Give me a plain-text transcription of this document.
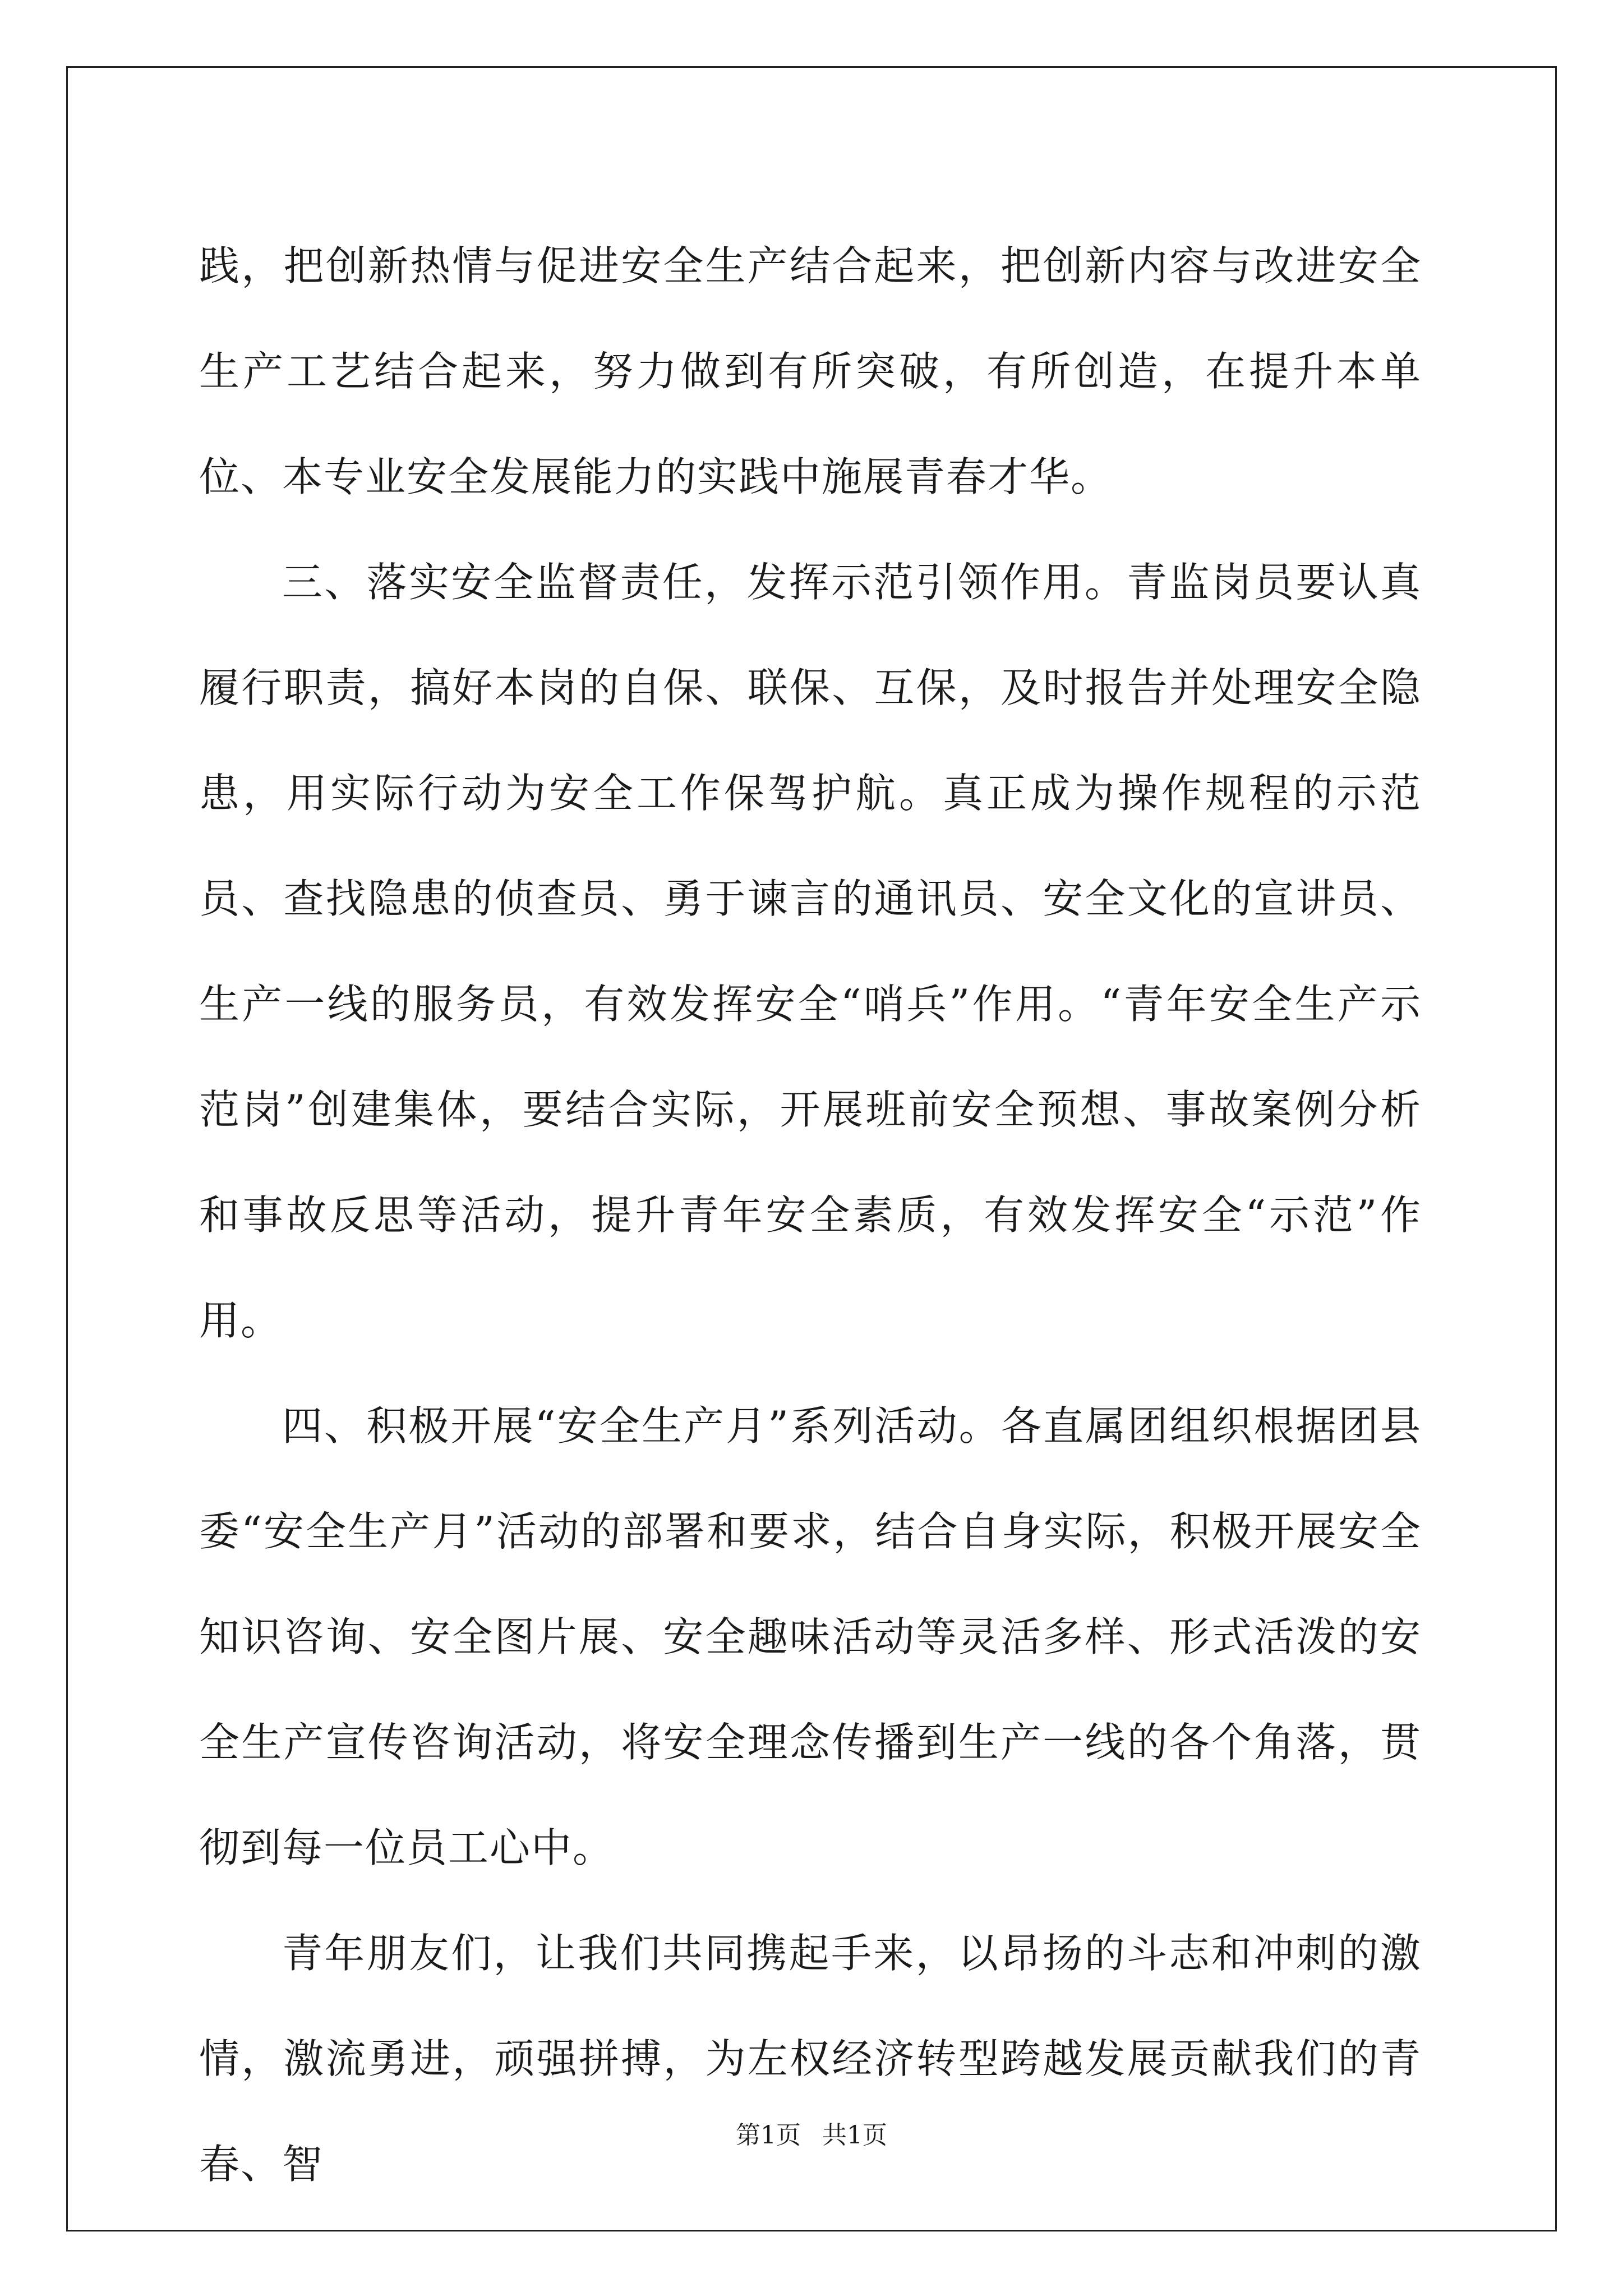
践，把创新热情与促进安全生产结合起来，把创新内容与改进安全生产工艺结合起来，努力做到有所突破，有所创造，在提升本单位、本专业安全发展能力的实践中施展青春才华。

三、落实安全监督责任，发挥示范引领作用。青监岗员要认真履行职责，搞好本岗的自保、联保、互保，及时报告并处理安全隐患，用实际行动为安全工作保驾护航。真正成为操作规程的示范员、查找隐患的侦查员、勇于谏言的通讯员、安全文化的宣讲员、生产一线的服务员，有效发挥安全“哨兵”作用。“青年安全生产示范岗”创建集体，要结合实际，开展班前安全预想、事故案例分析和事故反思等活动，提升青年安全素质，有效发挥安全“示范”作用。

四、积极开展“安全生产月”系列活动。各直属团组织根据团县委“安全生产月”活动的部署和要求，结合自身实际，积极开展安全知识咨询、安全图片展、安全趣味活动等灵活多样、形式活泼的安全生产宣传咨询活动，将安全理念传播到生产一线的各个角落，贯彻到每一位员工心中。

青年朋友们，让我们共同携起手来，以昂扬的斗志和冲刺的激情，激流勇进，顽强拼搏，为左权经济转型跨越发展贡献我们的青春、智

第1页 共1页
